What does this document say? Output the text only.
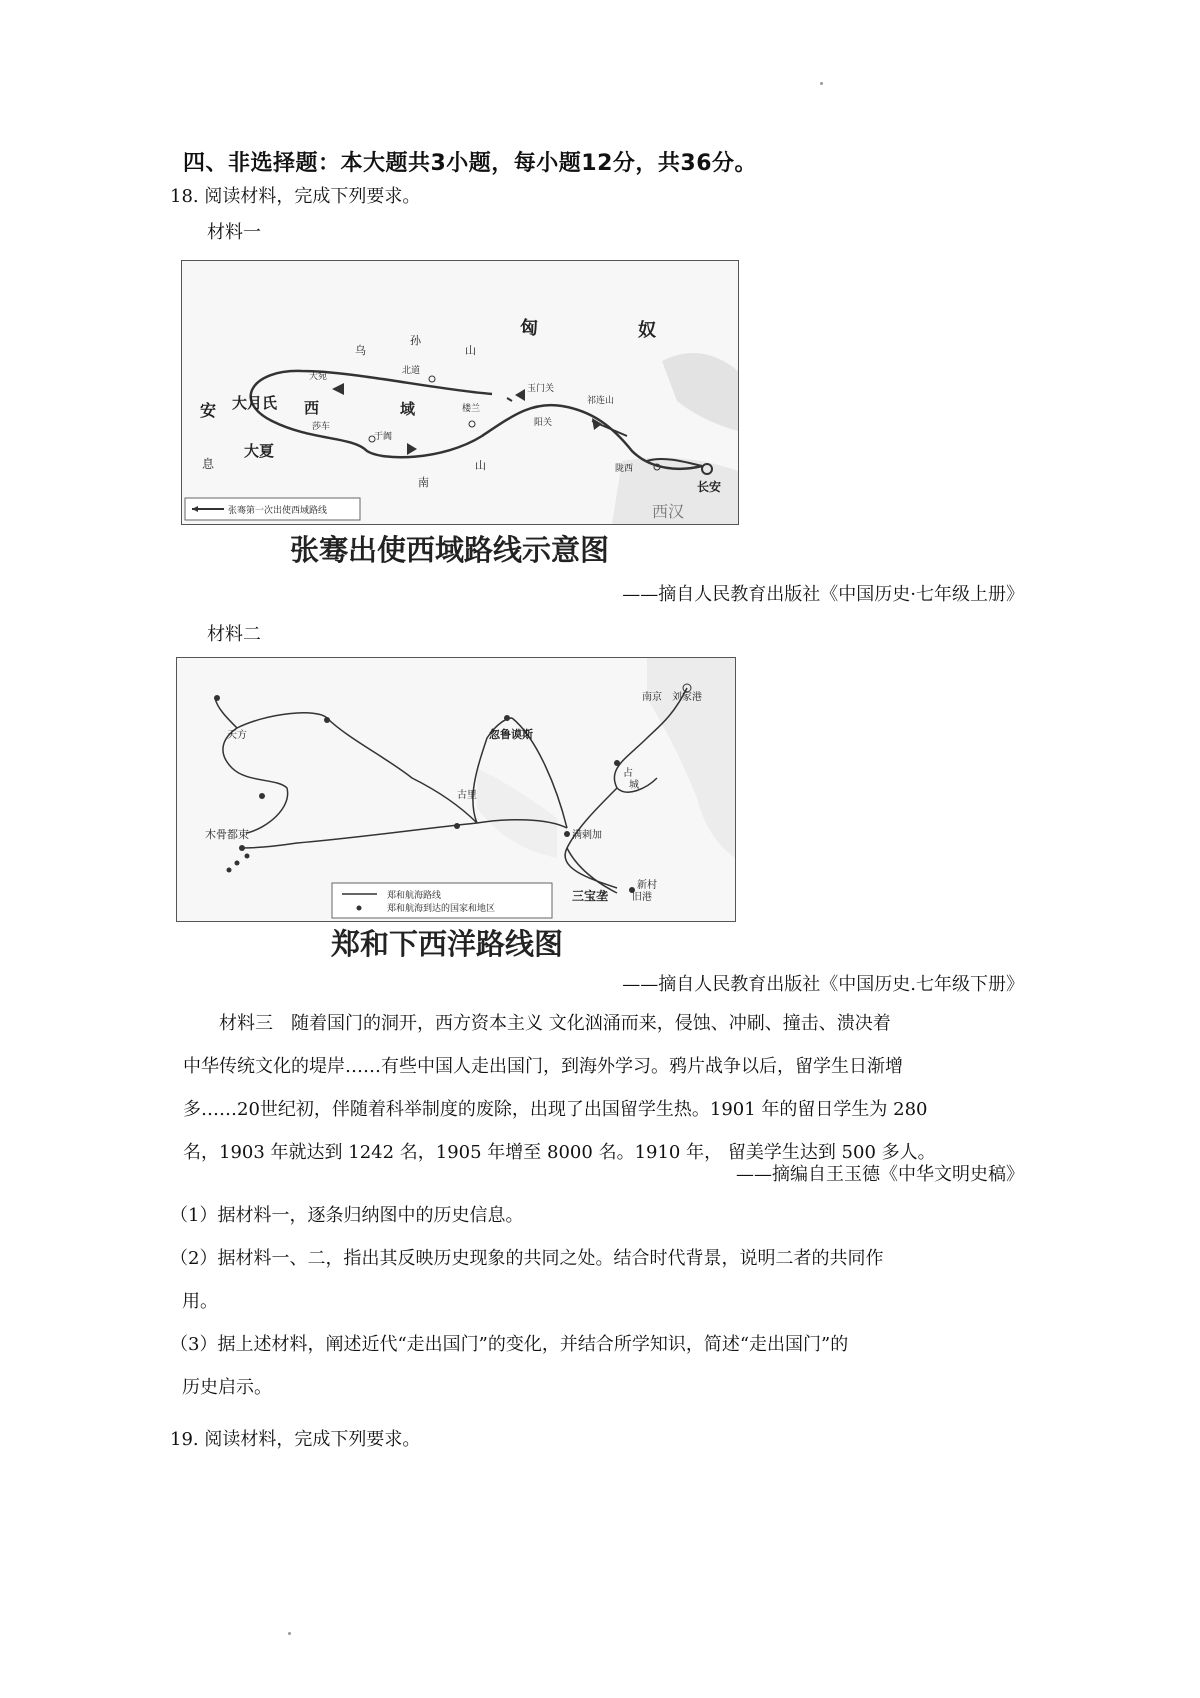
四、非选择题：本大题共3小题，每小题12分，共36分。
18. 阅读材料，完成下列要求。
材料一
匈	奴
乌
孙
山
安
息
大月氏
大夏
西	域
大宛
北道
莎车
于阗
楼兰
玉门关
阳关
祁连山
南
山	陇西
长安
西汉
张骞第一次出使西域路线
张骞出使西域路线示意图
——摘自人民教育出版社《中国历史·七年级上册》
材料二
南京 刘家港
天方	忽鲁谟斯
古里
木骨都束
占
城
满剌加
三宝垄
新村
旧港
郑和航海路线
郑和航海到达的国家和地区
郑和下西洋路线图
——摘自人民教育出版社《中国历史.七年级下册》

材料三  随着国门的洞开，西方资本主义 文化汹涌而来，侵蚀、冲刷、撞击、溃决着

中华传统文化的堤岸……有些中国人走出国门，到海外学习。鸦片战争以后，留学生日渐增

多……20世纪初，伴随着科举制度的废除，出现了出国留学生热。1901 年的留日学生为 280

名，1903 年就达到 1242 名，1905 年增至 8000 名。1910 年， 留美学生达到 500 多人。

——摘编自王玉德《中华文明史稿》

（1）据材料一，逐条归纳图中的历史信息。

（2）据材料一、二，指出其反映历史现象的共同之处。结合时代背景，说明二者的共同作

用。

（3）据上述材料，阐述近代“走出国门”的变化，并结合所学知识，简述“走出国门”的

历史启示。

19. 阅读材料，完成下列要求。
